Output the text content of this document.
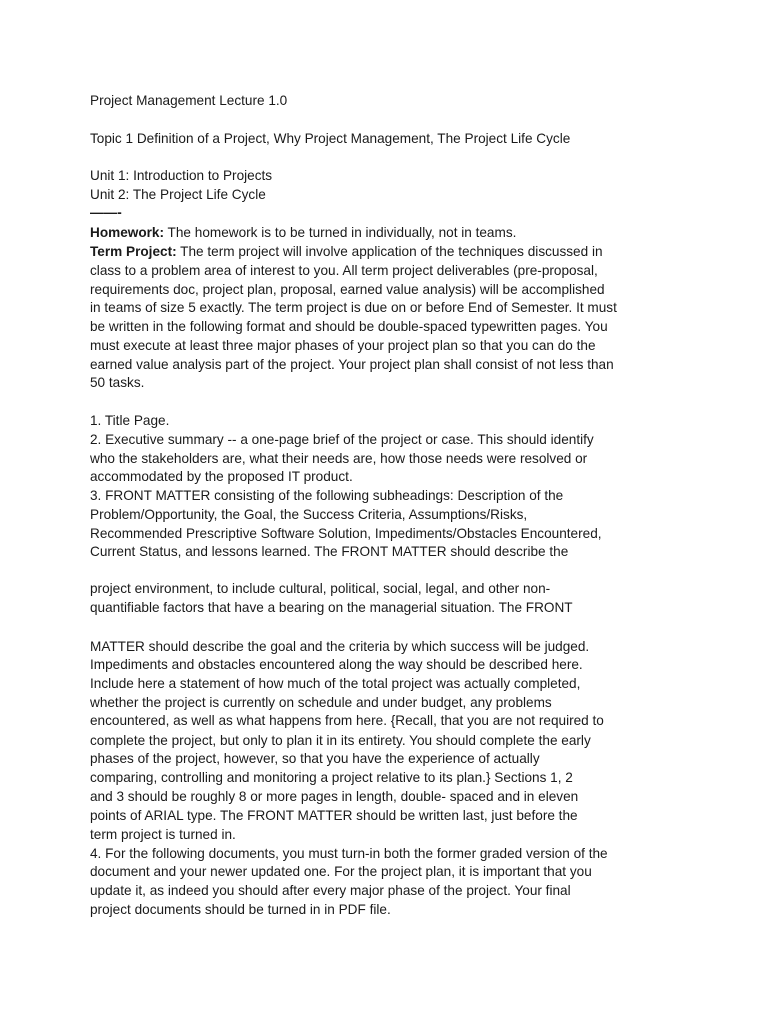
Project Management Lecture 1.0
Topic 1 Definition of a Project, Why Project Management, The Project Life Cycle
Unit 1: Introduction to Projects
Unit 2: The Project Life Cycle
——-
Homework: The homework is to be turned in individually, not in teams.
Term Project: The term project will involve application of the techniques discussed in
class to a problem area of interest to you. All term project deliverables (pre-proposal,
requirements doc, project plan, proposal, earned value analysis) will be accomplished
in teams of size 5 exactly. The term project is due on or before End of Semester. It must
be written in the following format and should be double-spaced typewritten pages. You
must execute at least three major phases of your project plan so that you can do the
earned value analysis part of the project. Your project plan shall consist of not less than
50 tasks.
1. Title Page.
2. Executive summary -- a one-page brief of the project or case. This should identify
who the stakeholders are, what their needs are, how those needs were resolved or
accommodated by the proposed IT product.
3. FRONT MATTER consisting of the following subheadings: Description of the
Problem/Opportunity, the Goal, the Success Criteria, Assumptions/Risks,
Recommended Prescriptive Software Solution, Impediments/Obstacles Encountered,
Current Status, and lessons learned. The FRONT MATTER should describe the
project environment, to include cultural, political, social, legal, and other non-
quantifiable factors that have a bearing on the managerial situation. The FRONT
MATTER should describe the goal and the criteria by which success will be judged.
Impediments and obstacles encountered along the way should be described here.
Include here a statement of how much of the total project was actually completed,
whether the project is currently on schedule and under budget, any problems
encountered, as well as what happens from here. {Recall, that you are not required to
complete the project, but only to plan it in its entirety. You should complete the early
phases of the project, however, so that you have the experience of actually
comparing, controlling and monitoring a project relative to its plan.} Sections 1, 2
and 3 should be roughly 8 or more pages in length, double- spaced and in eleven
points of ARIAL type. The FRONT MATTER should be written last, just before the
term project is turned in.
4. For the following documents, you must turn-in both the former graded version of the
document and your newer updated one. For the project plan, it is important that you
update it, as indeed you should after every major phase of the project. Your final
project documents should be turned in in PDF file.
